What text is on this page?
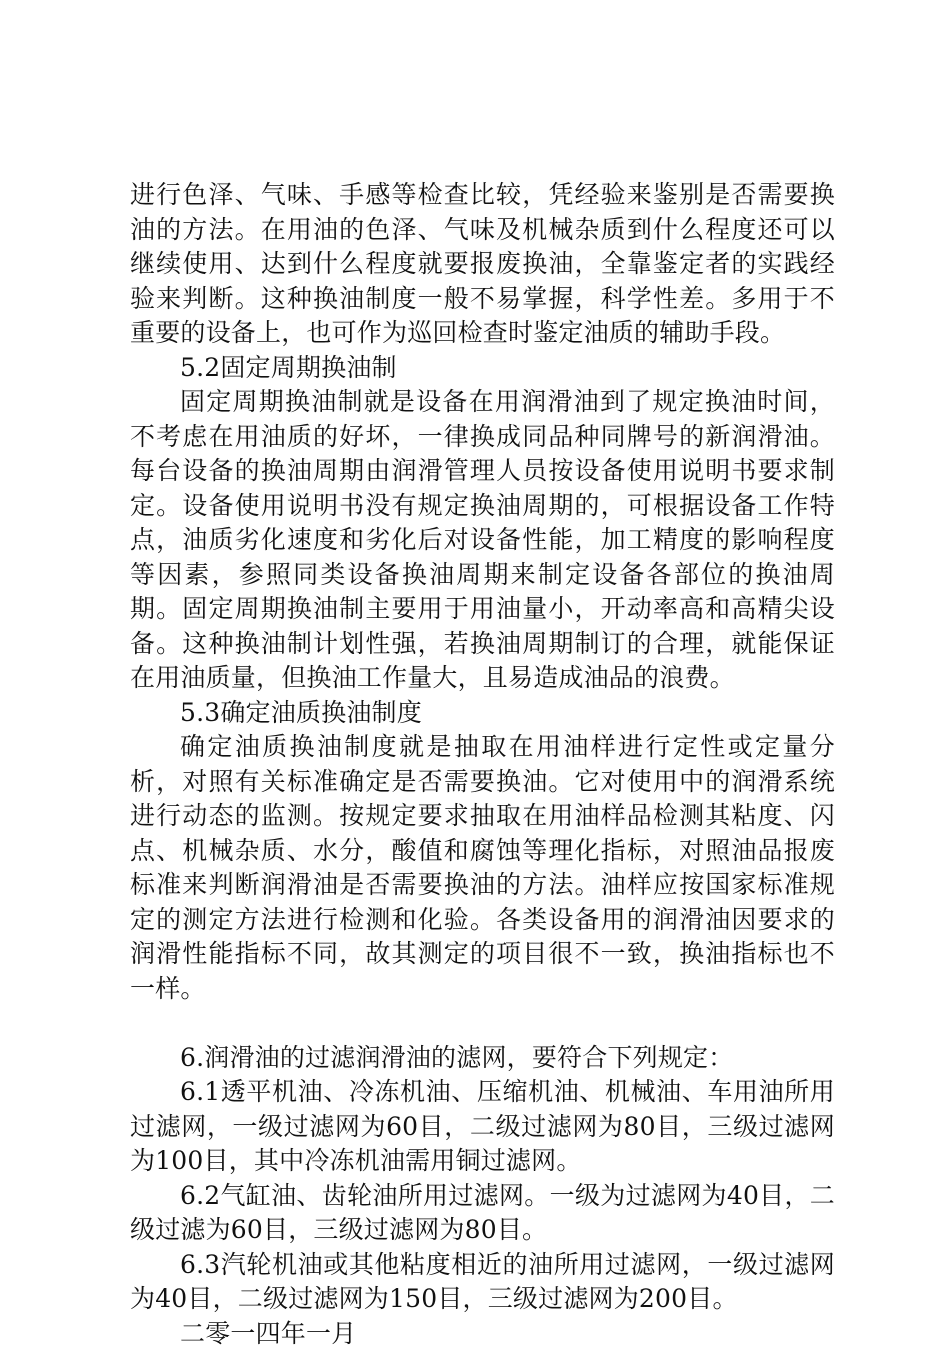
进行色泽、气味、手感等检查比较，凭经验来鉴别是否需要换油的方法。在用油的色泽、气味及机械杂质到什么程度还可以继续使用、达到什么程度就要报废换油，全靠鉴定者的实践经验来判断。这种换油制度一般不易掌握，科学性差。多用于不重要的设备上，也可作为巡回检查时鉴定油质的辅助手段。

5.2固定周期换油制

固定周期换油制就是设备在用润滑油到了规定换油时间，不考虑在用油质的好坏，一律换成同品种同牌号的新润滑油。每台设备的换油周期由润滑管理人员按设备使用说明书要求制定。设备使用说明书没有规定换油周期的，可根据设备工作特点，油质劣化速度和劣化后对设备性能，加工精度的影响程度等因素，参照同类设备换油周期来制定设备各部位的换油周期。固定周期换油制主要用于用油量小，开动率高和高精尖设备。这种换油制计划性强，若换油周期制订的合理，就能保证在用油质量，但换油工作量大，且易造成油品的浪费。

5.3确定油质换油制度

确定油质换油制度就是抽取在用油样进行定性或定量分析，对照有关标准确定是否需要换油。它对使用中的润滑系统进行动态的监测。按规定要求抽取在用油样品检测其粘度、闪点、机械杂质、水分，酸值和腐蚀等理化指标，对照油品报废标准来判断润滑油是否需要换油的方法。油样应按国家标准规定的测定方法进行检测和化验。各类设备用的润滑油因要求的润滑性能指标不同，故其测定的项目很不一致，换油指标也不一样。

6.润滑油的过滤润滑油的滤网，要符合下列规定：

6.1透平机油、冷冻机油、压缩机油、机械油、车用油所用过滤网，一级过滤网为60目，二级过滤网为80目，三级过滤网为100目，其中冷冻机油需用铜过滤网。

6.2气缸油、齿轮油所用过滤网。一级为过滤网为40目，二级过滤为60目，三级过滤网为80目。

6.3汽轮机油或其他粘度相近的油所用过滤网，一级过滤网为40目，二级过滤网为150目，三级过滤网为200目。

二零一四年一月
